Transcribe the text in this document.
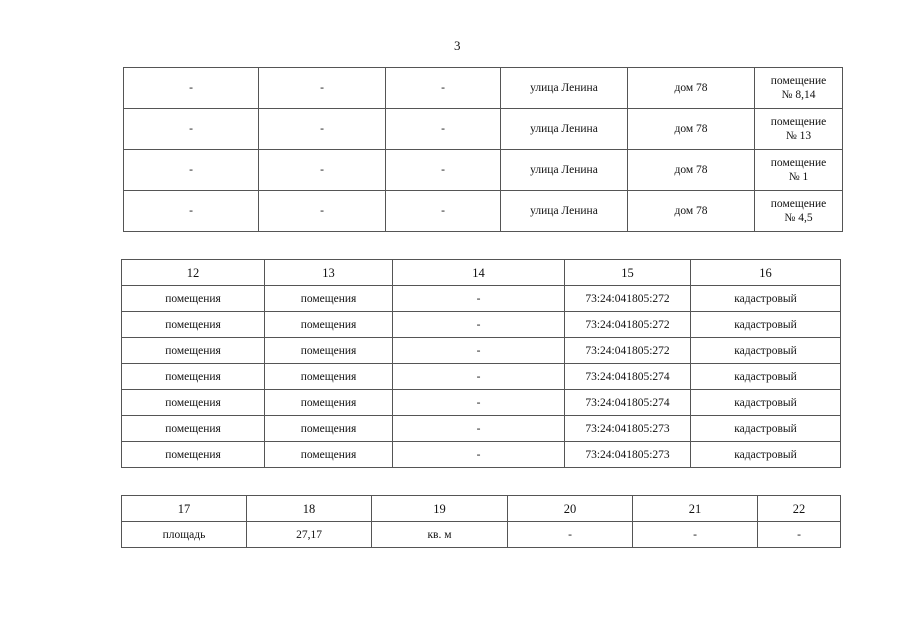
3
-	-	-	улица Ленина	дом 78	помещение
№ 8,14

-	-	-	улица Ленина	дом 78	помещение
№ 13

-	-	-	улица Ленина	дом 78	помещение
№ 1

-	-	-	улица Ленина	дом 78	помещение
№ 4,5
12	13	14	15	16
помещения	помещения	-	73:24:041805:272	кадастровый
помещения	помещения	-	73:24:041805:272	кадастровый
помещения	помещения	-	73:24:041805:272	кадастровый
помещения	помещения	-	73:24:041805:274	кадастровый
помещения	помещения	-	73:24:041805:274	кадастровый
помещения	помещения	-	73:24:041805:273	кадастровый
помещения	помещения	-	73:24:041805:273	кадастровый
17	18	19	20	21	22
площадь	27,17	кв. м	-	-	-
